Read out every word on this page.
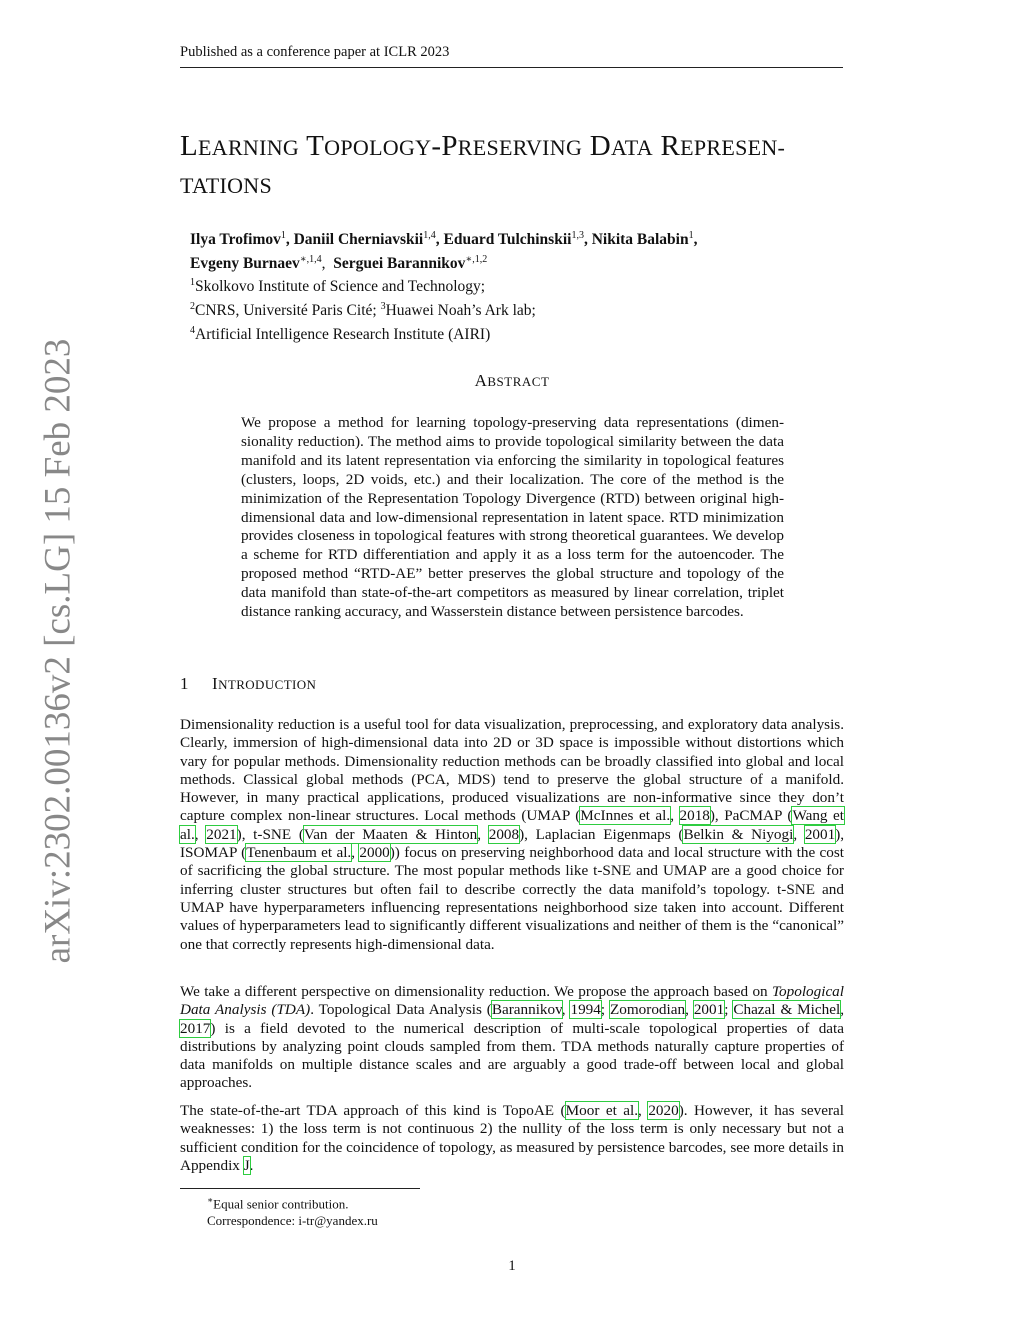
Published as a conference paper at ICLR 2023
arXiv:2302.00136v2 [cs.LG] 15 Feb 2023
LEARNING TOPOLOGY-PRESERVING DATA REPRESEN-
TATIONS
Ilya Trofimov$^1$, Daniil Cherniavskii$^{1,4}$, Eduard Tulchinskii$^{1,3}$, Nikita Balabin$^1$,
Evgeny Burnaev$^{∗,1,4}$,  Serguei Barannikov$^{∗,1,2}$
$^1$Skolkovo Institute of Science and Technology;
$^2$CNRS, Université Paris Cité; $^3$Huawei Noah’s Ark lab;
$^4$Artificial Intelligence Research Institute (AIRI)
ABSTRACT
We propose a method for learning topology-preserving data representations (dimensionality reduction). The method aims to provide topological similarity between the data manifold and its latent representation via enforcing the similarity in topological features (clusters, loops, 2D voids, etc.) and their localization. The core of the method is the minimization of the Representation Topology Divergence (RTD) between original high-dimensional data and low-dimensional representation in latent space. RTD minimization provides closeness in topological features with strong theoretical guarantees. We develop a scheme for RTD differentiation and apply it as a loss term for the autoencoder. The proposed method “RTD-AE” better preserves the global structure and topology of the data manifold than state-of-the-art competitors as measured by linear correlation, triplet distance ranking accuracy, and Wasserstein distance between persistence barcodes.
1 INTRODUCTION
Dimensionality reduction is a useful tool for data visualization, preprocessing, and exploratory data analysis. Clearly, immersion of high-dimensional data into 2D or 3D space is impossible without distortions which vary for popular methods. Dimensionality reduction methods can be broadly classified into global and local methods. Classical global methods (PCA, MDS) tend to preserve the global structure of a manifold. However, in many practical applications, produced visualizations are non-informative since they don’t capture complex non-linear structures. Local methods (UMAP (McInnes et al., 2018), PaCMAP (Wang et al., 2021), t-SNE (Van der Maaten & Hinton, 2008), Laplacian Eigenmaps (Belkin & Niyogi, 2001), ISOMAP (Tenenbaum et al., 2000)) focus on preserving neighborhood data and local structure with the cost of sacrificing the global structure. The most popular methods like t-SNE and UMAP are a good choice for inferring cluster structures but often fail to describe correctly the data manifold’s topology. t-SNE and UMAP have hyperparameters influencing representations neighborhood size taken into account. Different values of hyperparameters lead to significantly different visualizations and neither of them is the “canonical” one that correctly represents high-dimensional data.
We take a different perspective on dimensionality reduction. We propose the approach based on Topological Data Analysis (TDA). Topological Data Analysis (Barannikov, 1994; Zomorodian, 2001; Chazal & Michel, 2017) is a field devoted to the numerical description of multi-scale topological properties of data distributions by analyzing point clouds sampled from them. TDA methods naturally capture properties of data manifolds on multiple distance scales and are arguably a good trade-off between local and global approaches.
The state-of-the-art TDA approach of this kind is TopoAE (Moor et al., 2020). However, it has several weaknesses: 1) the loss term is not continuous 2) the nullity of the loss term is only necessary but not a sufficient condition for the coincidence of topology, as measured by persistence barcodes, see more details in Appendix J.
∗Equal senior contribution.
Correspondence: i-tr@yandex.ru
1
